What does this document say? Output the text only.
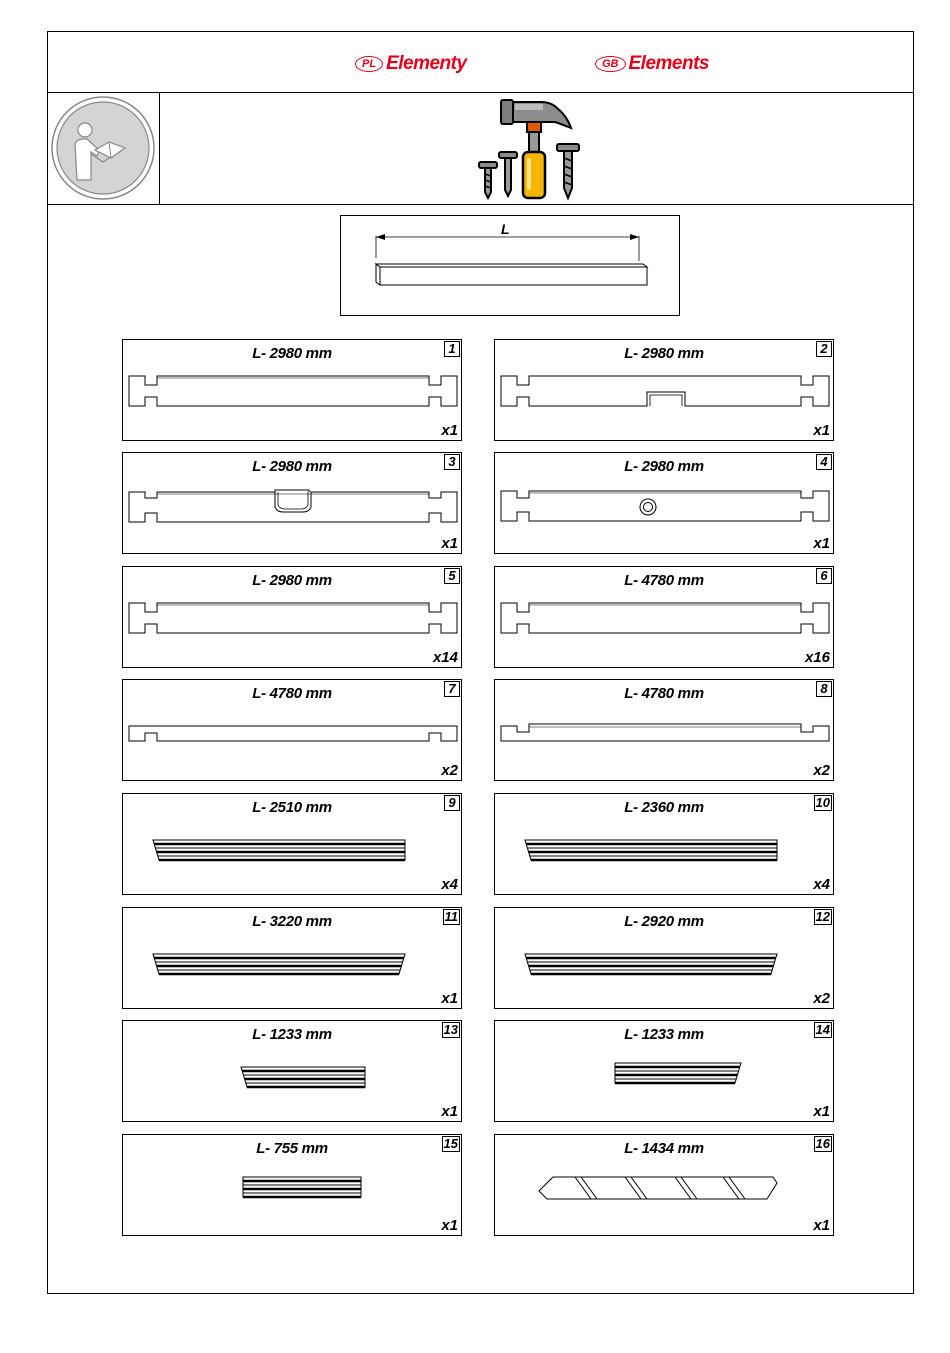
PL Elementy	GB Elements
L
L- 2980 mm	1
x1
L- 2980 mm	2
x1
L- 2980 mm	3
x1
L- 2980 mm	4
x1
L- 2980 mm	5
x14
L- 4780 mm	6
x16
L- 4780 mm	7
x2
L- 4780 mm	8
x2
L- 2510 mm	9
x4
L- 2360 mm	10
x4
L- 3220 mm	11
x1
L- 2920 mm	12
x2
L- 1233 mm	13
x1
L- 1233 mm	14
x1
L- 755 mm	15
x1
L- 1434 mm	16
x1
